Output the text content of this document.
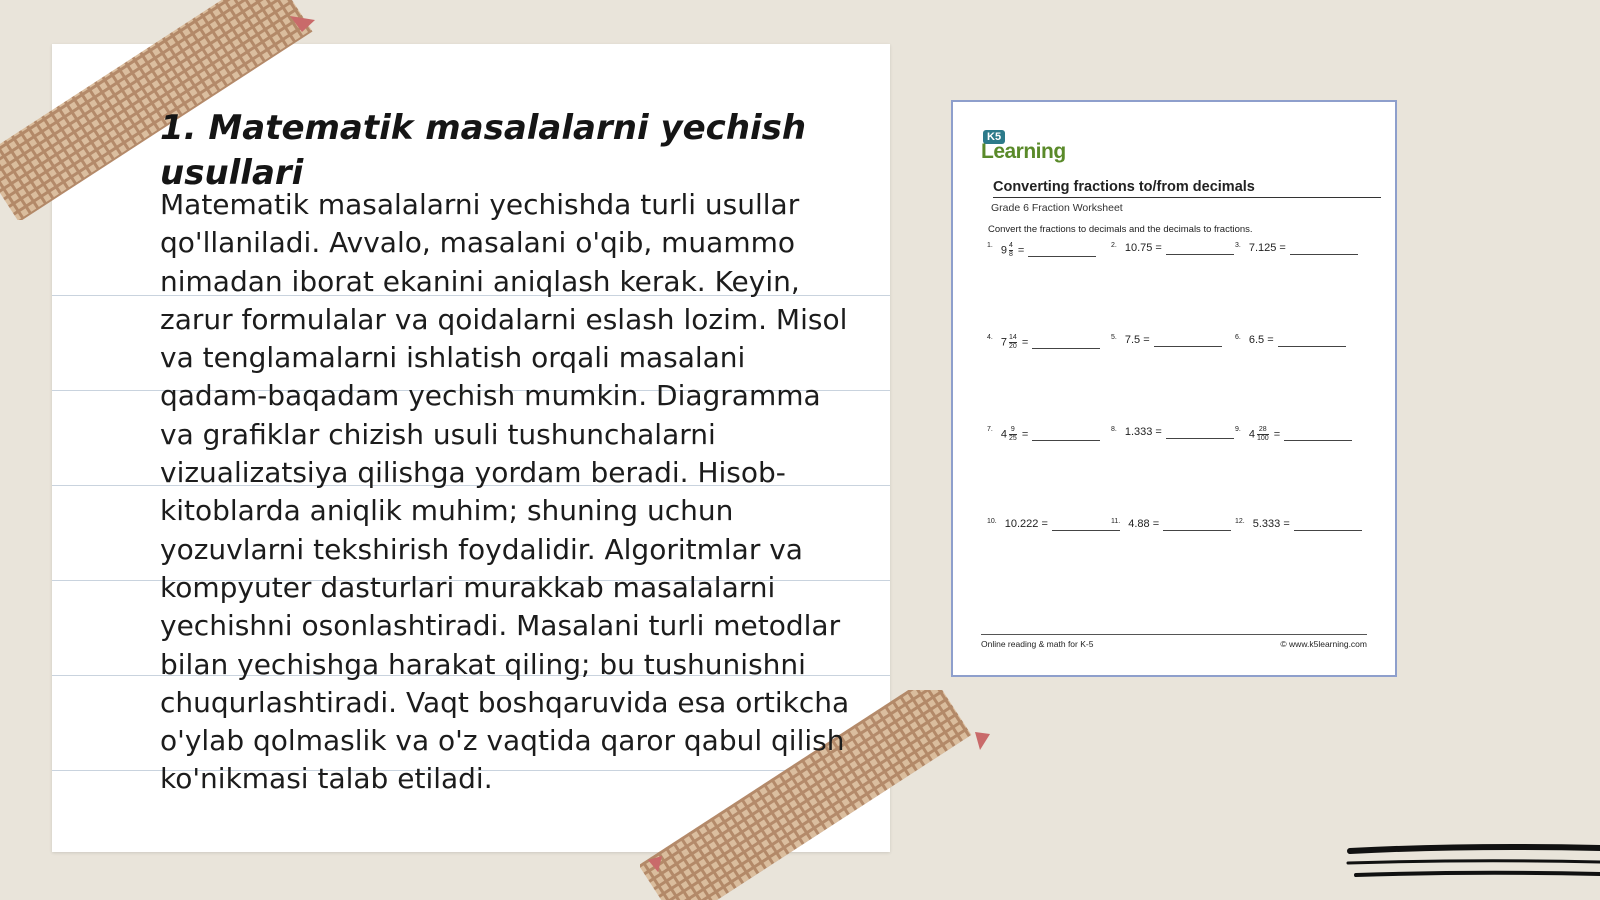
1. Matematik masalalarni yechish usullari

Matematik masalalarni yechishda turli usullar qo'llaniladi. Avvalo, masalani o'qib, muammo nimadan iborat ekanini aniqlash kerak. Keyin, zarur formulalar va qoidalarni eslash lozim. Misol va tenglamalarni ishlatish orqali masalani qadam-baqadam yechish mumkin. Diagramma va grafiklar chizish usuli tushunchalarni vizualizatsiya qilishga yordam beradi. Hisob-kitoblarda aniqlik muhim; shuning uchun yozuvlarni tekshirish foydalidir. Algoritmlar va kompyuter dasturlari murakkab masalalarni yechishni osonlashtiradi. Masalani turli metodlar bilan yechishga harakat qiling; bu tushunishni chuqurlashtiradi. Vaqt boshqaruvida esa ortikcha o'ylab qolmaslik va o'z vaqtida qaror qabul qilish ko'nikmasi talab etiladi.

K5
Learning
Converting fractions to/from decimals
Grade 6 Fraction Worksheet
Convert the fractions to decimals and the decimals to fractions.
$^{1.}$ $9 \frac{4}{8}$ =	$^{2.}$ 10.75 =	$^{3.}$ 7.125 =
$^{4.}$ $7 \frac{14}{20}$ =	$^{5.}$ 7.5 =	$^{6.}$ 6.5 =
$^{7.}$ $4 \frac{9}{25}$ =	$^{8.}$ 1.333 =	$^{9.}$ $4 \frac{28}{100}$ =
$^{10.}$ 10.222 =	$^{11.}$ 4.88 =	$^{12.}$ 5.333 =
Online reading & math for K-5	© www.k5learning.com
